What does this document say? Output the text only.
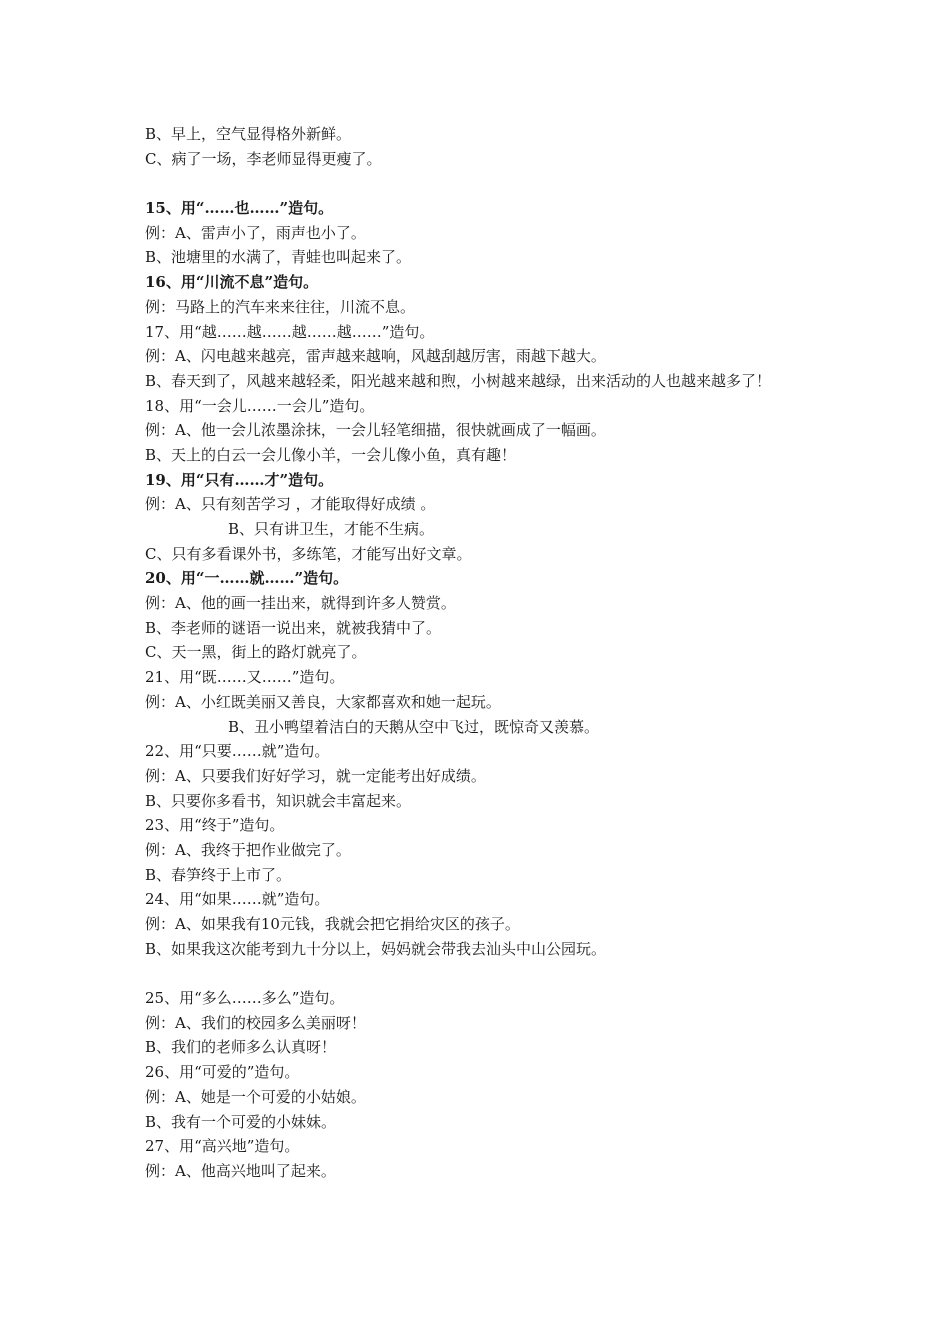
B、早上，空气显得格外新鲜。
C、病了一场，李老师显得更瘦了。
15、用“……也……”造句。
例：A、雷声小了，雨声也小了。
B、池塘里的水满了，青蛙也叫起来了。
16、用“川流不息”造句。
例：马路上的汽车来来往往，川流不息。
17、用“越……越……越……越……”造句。
例：A、闪电越来越亮，雷声越来越响，风越刮越厉害，雨越下越大。
B、春天到了，风越来越轻柔，阳光越来越和煦，小树越来越绿，出来活动的人也越来越多了！
18、用“一会儿……一会儿”造句。
例：A、他一会儿浓墨涂抹，一会儿轻笔细描，很快就画成了一幅画。
B、天上的白云一会儿像小羊，一会儿像小鱼，真有趣！
19、用“只有……才”造句。
例：A、只有刻苦学习 ，才能取得好成绩 。
B、只有讲卫生，才能不生病。
C、只有多看课外书，多练笔，才能写出好文章。
20、用“一……就……”造句。
例：A、他的画一挂出来，就得到许多人赞赏。
B、李老师的谜语一说出来，就被我猜中了。
C、天一黑，街上的路灯就亮了。
21、用“既……又……”造句。
例：A、小红既美丽又善良，大家都喜欢和她一起玩。
B、丑小鸭望着洁白的天鹅从空中飞过，既惊奇又羡慕。
22、用“只要……就”造句。
例：A、只要我们好好学习，就一定能考出好成绩。
B、只要你多看书，知识就会丰富起来。
23、用“终于”造句。
例：A、我终于把作业做完了。
B、春笋终于上市了。
24、用“如果……就”造句。
例：A、如果我有10元钱，我就会把它捐给灾区的孩子。
B、如果我这次能考到九十分以上，妈妈就会带我去汕头中山公园玩。
25、用“多么……多么”造句。
例：A、我们的校园多么美丽呀！
B、我们的老师多么认真呀！
26、用“可爱的”造句。
例：A、她是一个可爱的小姑娘。
B、我有一个可爱的小妹妹。
27、用“高兴地”造句。
例：A、他高兴地叫了起来。
